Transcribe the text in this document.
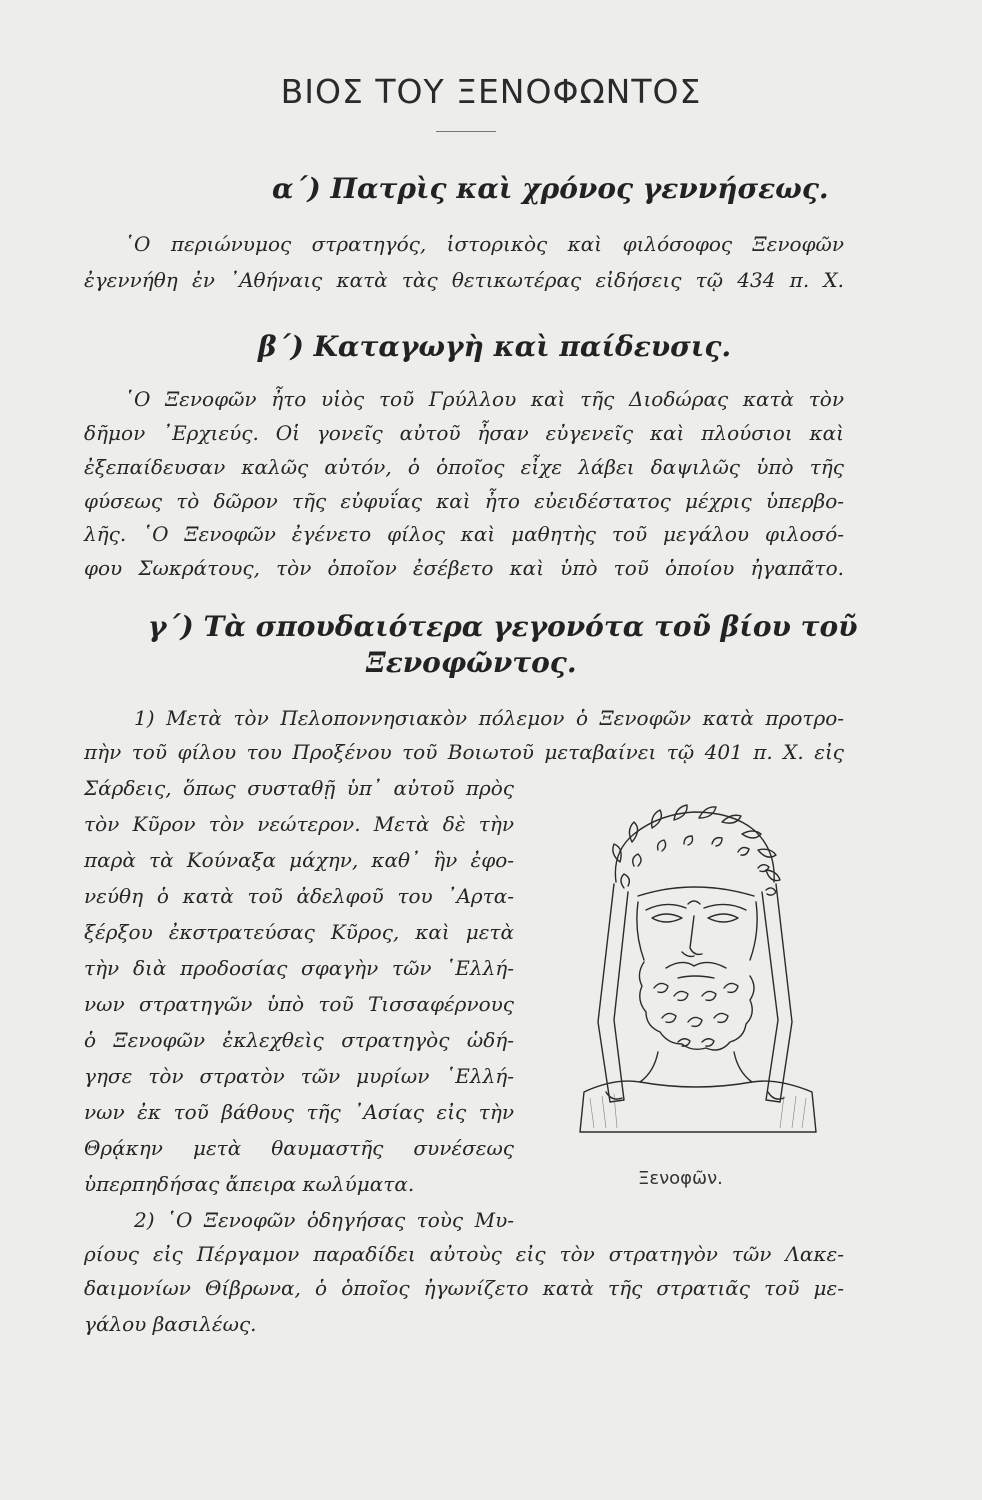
ΒΙΟΣ ΤΟΥ ΞΕΝΟΦΩΝΤΟΣ
α΄) Πατρὶς καὶ χρόνος γεννήσεως.
῾Ο περιώνυμος στρατηγός, ἱστορικὸς καὶ φιλόσοφος Ξενοφῶν
ἐγεννήθη ἐν ᾿Αθήναις κατὰ τὰς θετικωτέρας εἰδήσεις τῷ 434 π. Χ.
β΄) Καταγωγὴ καὶ παίδευσις.
῾Ο Ξενοφῶν ἦτο υἱὸς τοῦ Γρύλλου καὶ τῆς Διοδώρας κατὰ τὸν
δῆμον ᾿Ερχιεύς. Οἱ γονεῖς αὐτοῦ ἦσαν εὐγενεῖς καὶ πλούσιοι καὶ
ἐξεπαίδευσαν καλῶς αὐτόν, ὁ ὁποῖος εἶχε λάβει δαψιλῶς ὑπὸ τῆς
φύσεως τὸ δῶρον τῆς εὐφυΐας καὶ ἦτο εὐειδέστατος μέχρις ὑπερβο-
λῆς. ῾Ο Ξενοφῶν ἐγένετο φίλος καὶ μαθητὴς τοῦ μεγάλου φιλοσό-
φου Σωκράτους, τὸν ὁποῖον ἐσέβετο καὶ ὑπὸ τοῦ ὁποίου ἠγαπᾶτο.
γ΄) Τὰ σπουδαιότερα γεγονότα τοῦ βίου τοῦ
Ξενοφῶντος.
1) Μετὰ τὸν Πελοποννησιακὸν πόλεμον ὁ Ξενοφῶν κατὰ προτρο-
πὴν τοῦ φίλου του Προξένου τοῦ Βοιωτοῦ μεταβαίνει τῷ 401 π. Χ. εἰς
Σάρδεις, ὅπως συσταθῇ ὑπ᾿ αὐτοῦ πρὸς
τὸν Κῦρον τὸν νεώτερον. Μετὰ δὲ τὴν
παρὰ τὰ Κούναξα μάχην, καθ᾿ ἣν ἐφο-
νεύθη ὁ κατὰ τοῦ ἀδελφοῦ του ᾿Αρτα-
ξέρξου ἐκστρατεύσας Κῦρος, καὶ μετὰ
τὴν διὰ προδοσίας σφαγὴν τῶν ῾Ελλή-
νων στρατηγῶν ὑπὸ τοῦ Τισσαφέρνους
ὁ Ξενοφῶν ἐκλεχθεὶς στρατηγὸς ὡδή-
γησε τὸν στρατὸν τῶν μυρίων ῾Ελλή-
νων ἐκ τοῦ βάθους τῆς ᾿Ασίας εἰς τὴν
Θρᾴκην μετὰ θαυμαστῆς συνέσεως
ὑπερπηδήσας ἄπειρα κωλύματα.
2) ῾Ο Ξενοφῶν ὁδηγήσας τοὺς Μυ-
ρίους εἰς Πέργαμον παραδίδει αὐτοὺς εἰς τὸν στρατηγὸν τῶν Λακε-
δαιμονίων Θίβρωνα, ὁ ὁποῖος ἠγωνίζετο κατὰ τῆς στρατιᾶς τοῦ με-
γάλου βασιλέως.
Ξενοφῶν.
